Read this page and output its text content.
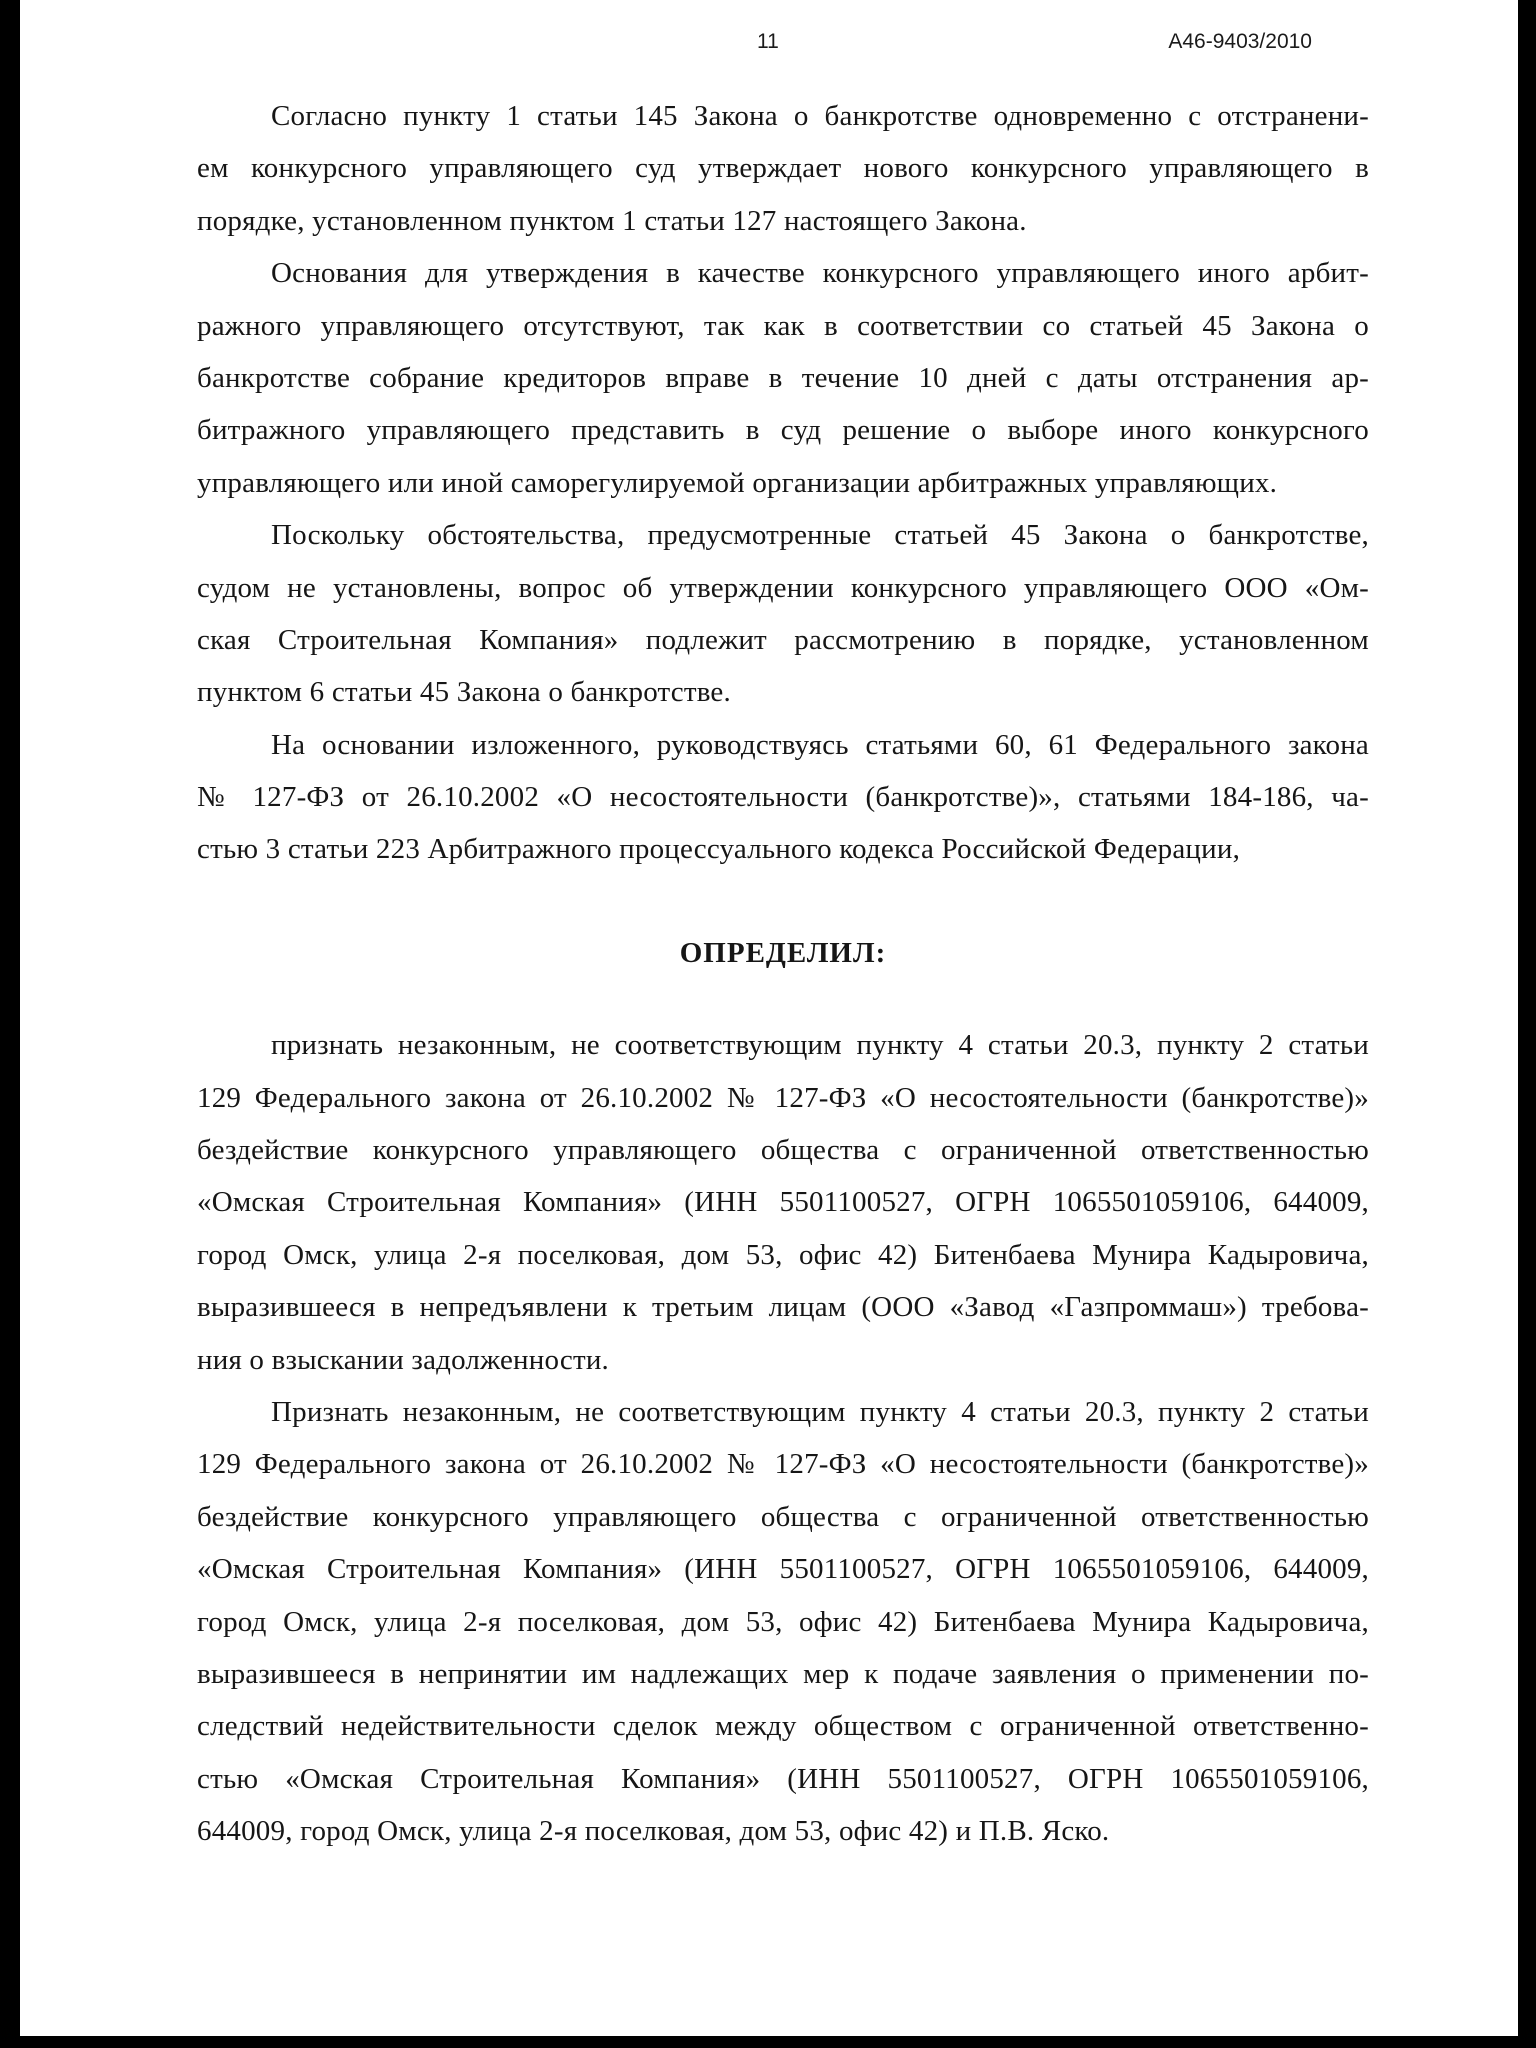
11	А46-9403/2010
Согласно пункту 1 статьи 145 Закона о банкротстве одновременно с отстранени-
ем конкурсного управляющего суд утверждает нового конкурсного управляющего в
порядке, установленном пунктом 1 статьи 127 настоящего Закона.
Основания для утверждения в качестве конкурсного управляющего иного арбит-
ражного управляющего отсутствуют, так как в соответствии со статьей 45 Закона о
банкротстве собрание кредиторов вправе в течение 10 дней с даты отстранения ар-
битражного управляющего представить в суд решение о выборе иного конкурсного
управляющего или иной саморегулируемой организации арбитражных управляющих.
Поскольку обстоятельства, предусмотренные статьей 45 Закона о банкротстве,
судом не установлены, вопрос об утверждении конкурсного управляющего ООО «Ом-
ская Строительная Компания» подлежит рассмотрению в порядке, установленном
пунктом 6 статьи 45 Закона о банкротстве.
На основании изложенного, руководствуясь статьями 60, 61 Федерального закона
№ 127-ФЗ от 26.10.2002 «О несостоятельности (банкротстве)», статьями 184-186, ча-
стью 3 статьи 223 Арбитражного процессуального кодекса Российской Федерации,
ОПРЕДЕЛИЛ:
признать незаконным, не соответствующим пункту 4 статьи 20.3, пункту 2 статьи
129 Федерального закона от 26.10.2002 № 127-ФЗ «О несостоятельности (банкротстве)»
бездействие конкурсного управляющего общества с ограниченной ответственностью
«Омская Строительная Компания» (ИНН 5501100527, ОГРН 1065501059106, 644009,
город Омск, улица 2-я поселковая, дом 53, офис 42) Битенбаева Мунира Кадыровича,
выразившееся в непредъявлени к третьим лицам (ООО «Завод «Газпроммаш») требова-
ния о взыскании задолженности.
Признать незаконным, не соответствующим пункту 4 статьи 20.3, пункту 2 статьи
129 Федерального закона от 26.10.2002 № 127-ФЗ «О несостоятельности (банкротстве)»
бездействие конкурсного управляющего общества с ограниченной ответственностью
«Омская Строительная Компания» (ИНН 5501100527, ОГРН 1065501059106, 644009,
город Омск, улица 2-я поселковая, дом 53, офис 42) Битенбаева Мунира Кадыровича,
выразившееся в непринятии им надлежащих мер к подаче заявления о применении по-
следствий недействительности сделок между обществом с ограниченной ответственно-
стью «Омская Строительная Компания» (ИНН 5501100527, ОГРН 1065501059106,
644009, город Омск, улица 2-я поселковая, дом 53, офис 42) и П.В. Яско.
